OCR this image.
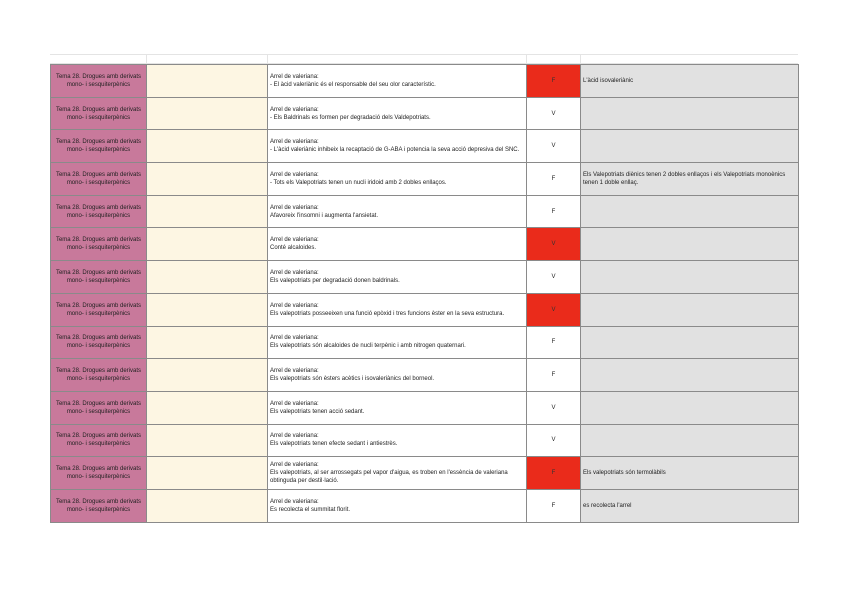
Tema 28. Drogues amb derivats mono- i sesquiterpènics		Arrel de valeriana:
- El àcid valeriànic és el responsable del seu olor característic.	F	L'àcid isovaleriànic
Tema 28. Drogues amb derivats mono- i sesquiterpènics		Arrel de valeriana:
- Els Baldrinals es formen per degradació dels Valdepotriats.	V	
Tema 28. Drogues amb derivats mono- i sesquiterpènics		Arrel de valeriana:
- L'àcid valeriànic inhibeix la recaptació de G-ABA i potencia la seva acció depresiva del SNC.	V	
Tema 28. Drogues amb derivats mono- i sesquiterpènics		Arrel de valeriana:
- Tots els Valepotriats tenen un nucli iridoid amb 2 dobles enllaços.	F	Els Valepotriats diènics tenen 2 dobles enllaços i els Valepotriats monoènics tenen 1 doble enllaç.
Tema 28. Drogues amb derivats mono- i sesquiterpènics		Arrel de valeriana:
Afavoreix l'insomni i augmenta l'ansietat.	F	
Tema 28. Drogues amb derivats mono- i sesquiterpènics		Arrel de valeriana:
Conté alcaloides.	V	
Tema 28. Drogues amb derivats mono- i sesquiterpènics		Arrel de valeriana:
Els valepotriats per degradació donen baldrinals.	V	
Tema 28. Drogues amb derivats mono- i sesquiterpènics		Arrel de valeriana:
Els valepotriats posseeixen una funció epòxid i tres funcions èster en la seva estructura.	V	
Tema 28. Drogues amb derivats mono- i sesquiterpènics		Arrel de valeriana:
Els valepotriats són alcaloides de nucli terpènic i amb nitrogen quaternari.	F	
Tema 28. Drogues amb derivats mono- i sesquiterpènics		Arrel de valeriana:
Els valepotriats són èsters acètics i isovaleriànics del borneol.	F	
Tema 28. Drogues amb derivats mono- i sesquiterpènics		Arrel de valeriana:
Els valepotriats tenen acció sedant.	V	
Tema 28. Drogues amb derivats mono- i sesquiterpènics		Arrel de valeriana:
Els valepotriats tenen efecte sedant i antiestrès.	V	
Tema 28. Drogues amb derivats mono- i sesquiterpènics		Arrel de valeriana:
Els valepotriats, al ser arrossegats pel vapor d'aigua, es troben en l'essència de valeriana obtinguda per destil·lació.	F	Els valepotriats són termolàbils
Tema 28. Drogues amb derivats mono- i sesquiterpènics		Arrel de valeriana:
Es recolecta el summitat florit.	F	es recolecta l'arrel
